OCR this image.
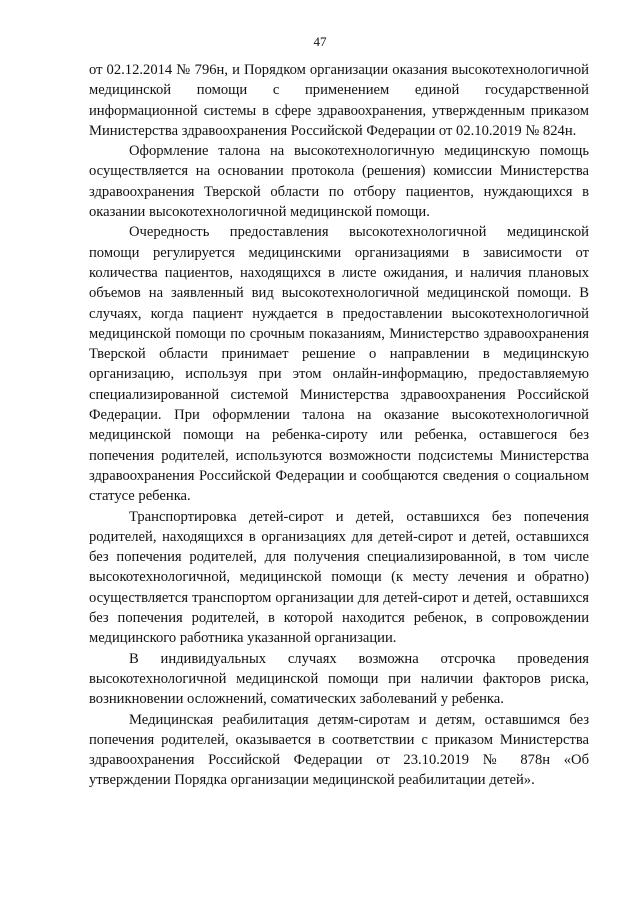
47

от 02.12.2014 № 796н, и Порядком организации оказания высокотехнологичной медицинской помощи с применением единой государственной информационной системы в сфере здравоохранения, утвержденным приказом Министерства здравоохранения Российской Федерации от 02.10.2019 № 824н.

Оформление талона на высокотехнологичную медицинскую помощь осуществляется на основании протокола (решения) комиссии Министерства здравоохранения Тверской области по отбору пациентов, нуждающихся в оказании высокотехнологичной медицинской помощи.

Очередность предоставления высокотехнологичной медицинской помощи регулируется медицинскими организациями в зависимости от количества пациентов, находящихся в листе ожидания, и наличия плановых объемов на заявленный вид высокотехнологичной медицинской помощи. В случаях, когда пациент нуждается в предоставлении высокотехнологичной медицинской помощи по срочным показаниям, Министерство здравоохранения Тверской области принимает решение о направлении в медицинскую организацию, используя при этом онлайн-информацию, предоставляемую специализированной системой Министерства здравоохранения Российской Федерации. При оформлении талона на оказание высокотехнологичной медицинской помощи на ребенка-сироту или ребенка, оставшегося без попечения родителей, используются возможности подсистемы Министерства здравоохранения Российской Федерации и сообщаются сведения о социальном статусе ребенка.

Транспортировка детей-сирот и детей, оставшихся без попечения родителей, находящихся в организациях для детей-сирот и детей, оставшихся без попечения родителей, для получения специализированной, в том числе высокотехнологичной, медицинской помощи (к месту лечения и обратно) осуществляется транспортом организации для детей-сирот и детей, оставшихся без попечения родителей, в которой находится ребенок, в сопровождении медицинского работника указанной организации.

В индивидуальных случаях возможна отсрочка проведения высокотехнологичной медицинской помощи при наличии факторов риска, возникновении осложнений, соматических заболеваний у ребенка.

Медицинская реабилитация детям-сиротам и детям, оставшимся без попечения родителей, оказывается в соответствии с приказом Министерства здравоохранения Российской Федерации от 23.10.2019 № 878н «Об утверждении Порядка организации медицинской реабилитации детей».
